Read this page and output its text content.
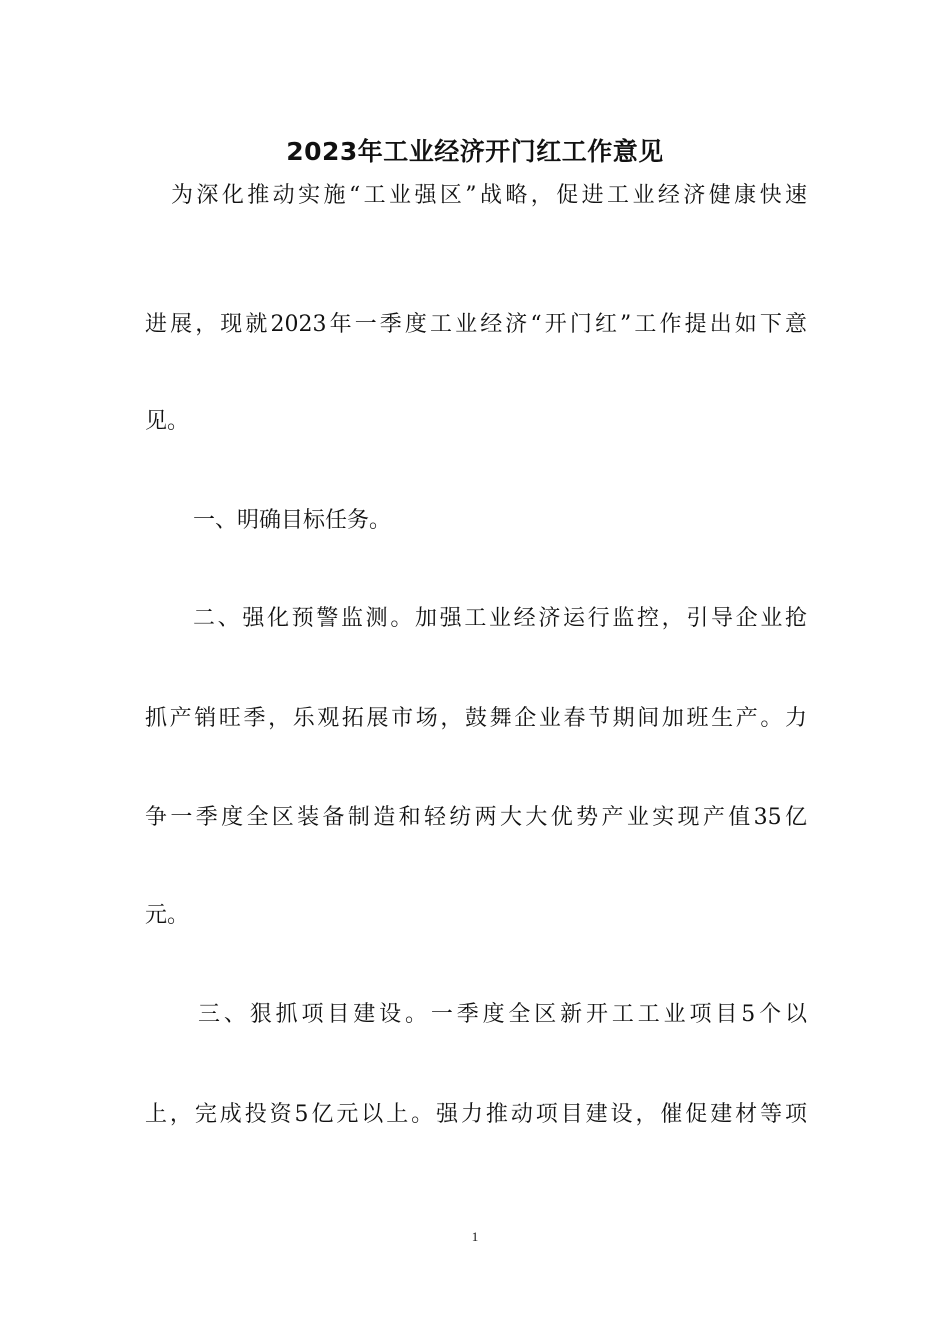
2023年工业经济开门红工作意见
为深化推动实施“工业强区”战略，促进工业经济健康快速
进展，现就2023年一季度工业经济“开门红”工作提出如下意
见。
一、明确目标任务。
二、强化预警监测。加强工业经济运行监控，引导企业抢
抓产销旺季，乐观拓展市场，鼓舞企业春节期间加班生产。力
争一季度全区装备制造和轻纺两大大优势产业实现产值35亿
元。
三、狠抓项目建设。一季度全区新开工工业项目5个以
上，完成投资5亿元以上。强力推动项目建设，催促建材等项
1
